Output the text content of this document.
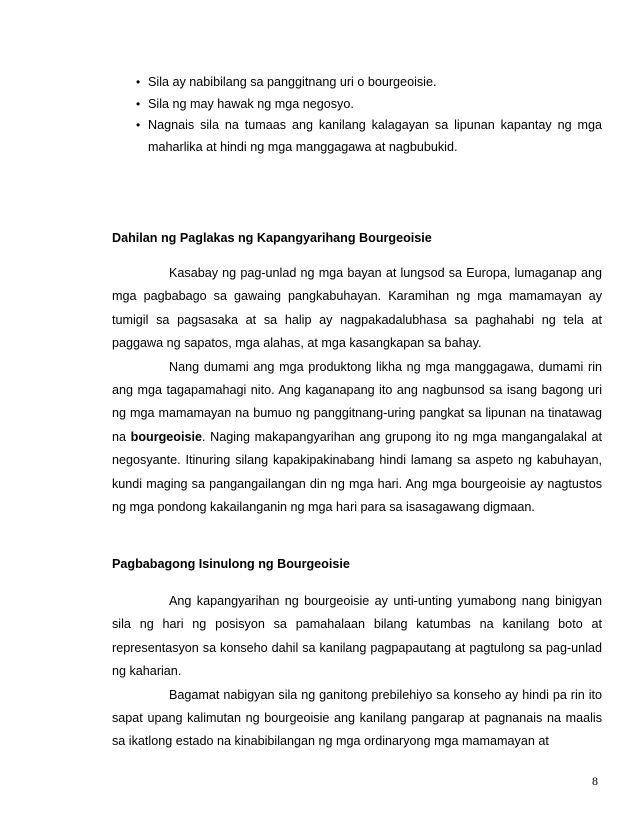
• Sila ay nabibilang sa panggitnang uri o bourgeoisie.
• Sila ng may hawak ng mga negosyo.
• Nagnais sila na tumaas ang kanilang kalagayan sa lipunan kapantay ng mga maharlika at hindi ng mga manggagawa at nagbubukid.
Dahilan ng Paglakas ng Kapangyarihang Bourgeoisie

Kasabay ng pag-unlad ng mga bayan at lungsod sa Europa, lumaganap ang mga pagbabago sa gawaing pangkabuhayan. Karamihan ng mga mamamayan ay tumigil sa pagsasaka at sa halip ay nagpakadalubhasa sa paghahabi ng tela at paggawa ng sapatos, mga alahas, at mga kasangkapan sa bahay.

Nang dumami ang mga produktong likha ng mga manggagawa, dumami rin ang mga tagapamahagi nito. Ang kaganapang ito ang nagbunsod sa isang bagong uri ng mga mamamayan na bumuo ng panggitnang-uring pangkat sa lipunan na tinatawag na bourgeoisie. Naging makapangyarihan ang grupong ito ng mga mangangalakal at negosyante. Itinuring silang kapakipakinabang hindi lamang sa aspeto ng kabuhayan, kundi maging sa pangangailangan din ng mga hari. Ang mga bourgeoisie ay nagtustos ng mga pondong kakailanganin ng mga hari para sa isasagawang digmaan.

Pagbabagong Isinulong ng Bourgeoisie

Ang kapangyarihan ng bourgeoisie ay unti-unting yumabong nang binigyan sila ng hari ng posisyon sa pamahalaan bilang katumbas na kanilang boto at representasyon sa konseho dahil sa kanilang pagpapautang at pagtulong sa pag-unlad ng kaharian.

Bagamat nabigyan sila ng ganitong prebilehiyo sa konseho ay hindi pa rin ito sapat upang kalimutan ng bourgeoisie ang kanilang pangarap at pagnanais na maalis sa ikatlong estado na kinabibilangan ng mga ordinaryong mga mamamayan at

8
